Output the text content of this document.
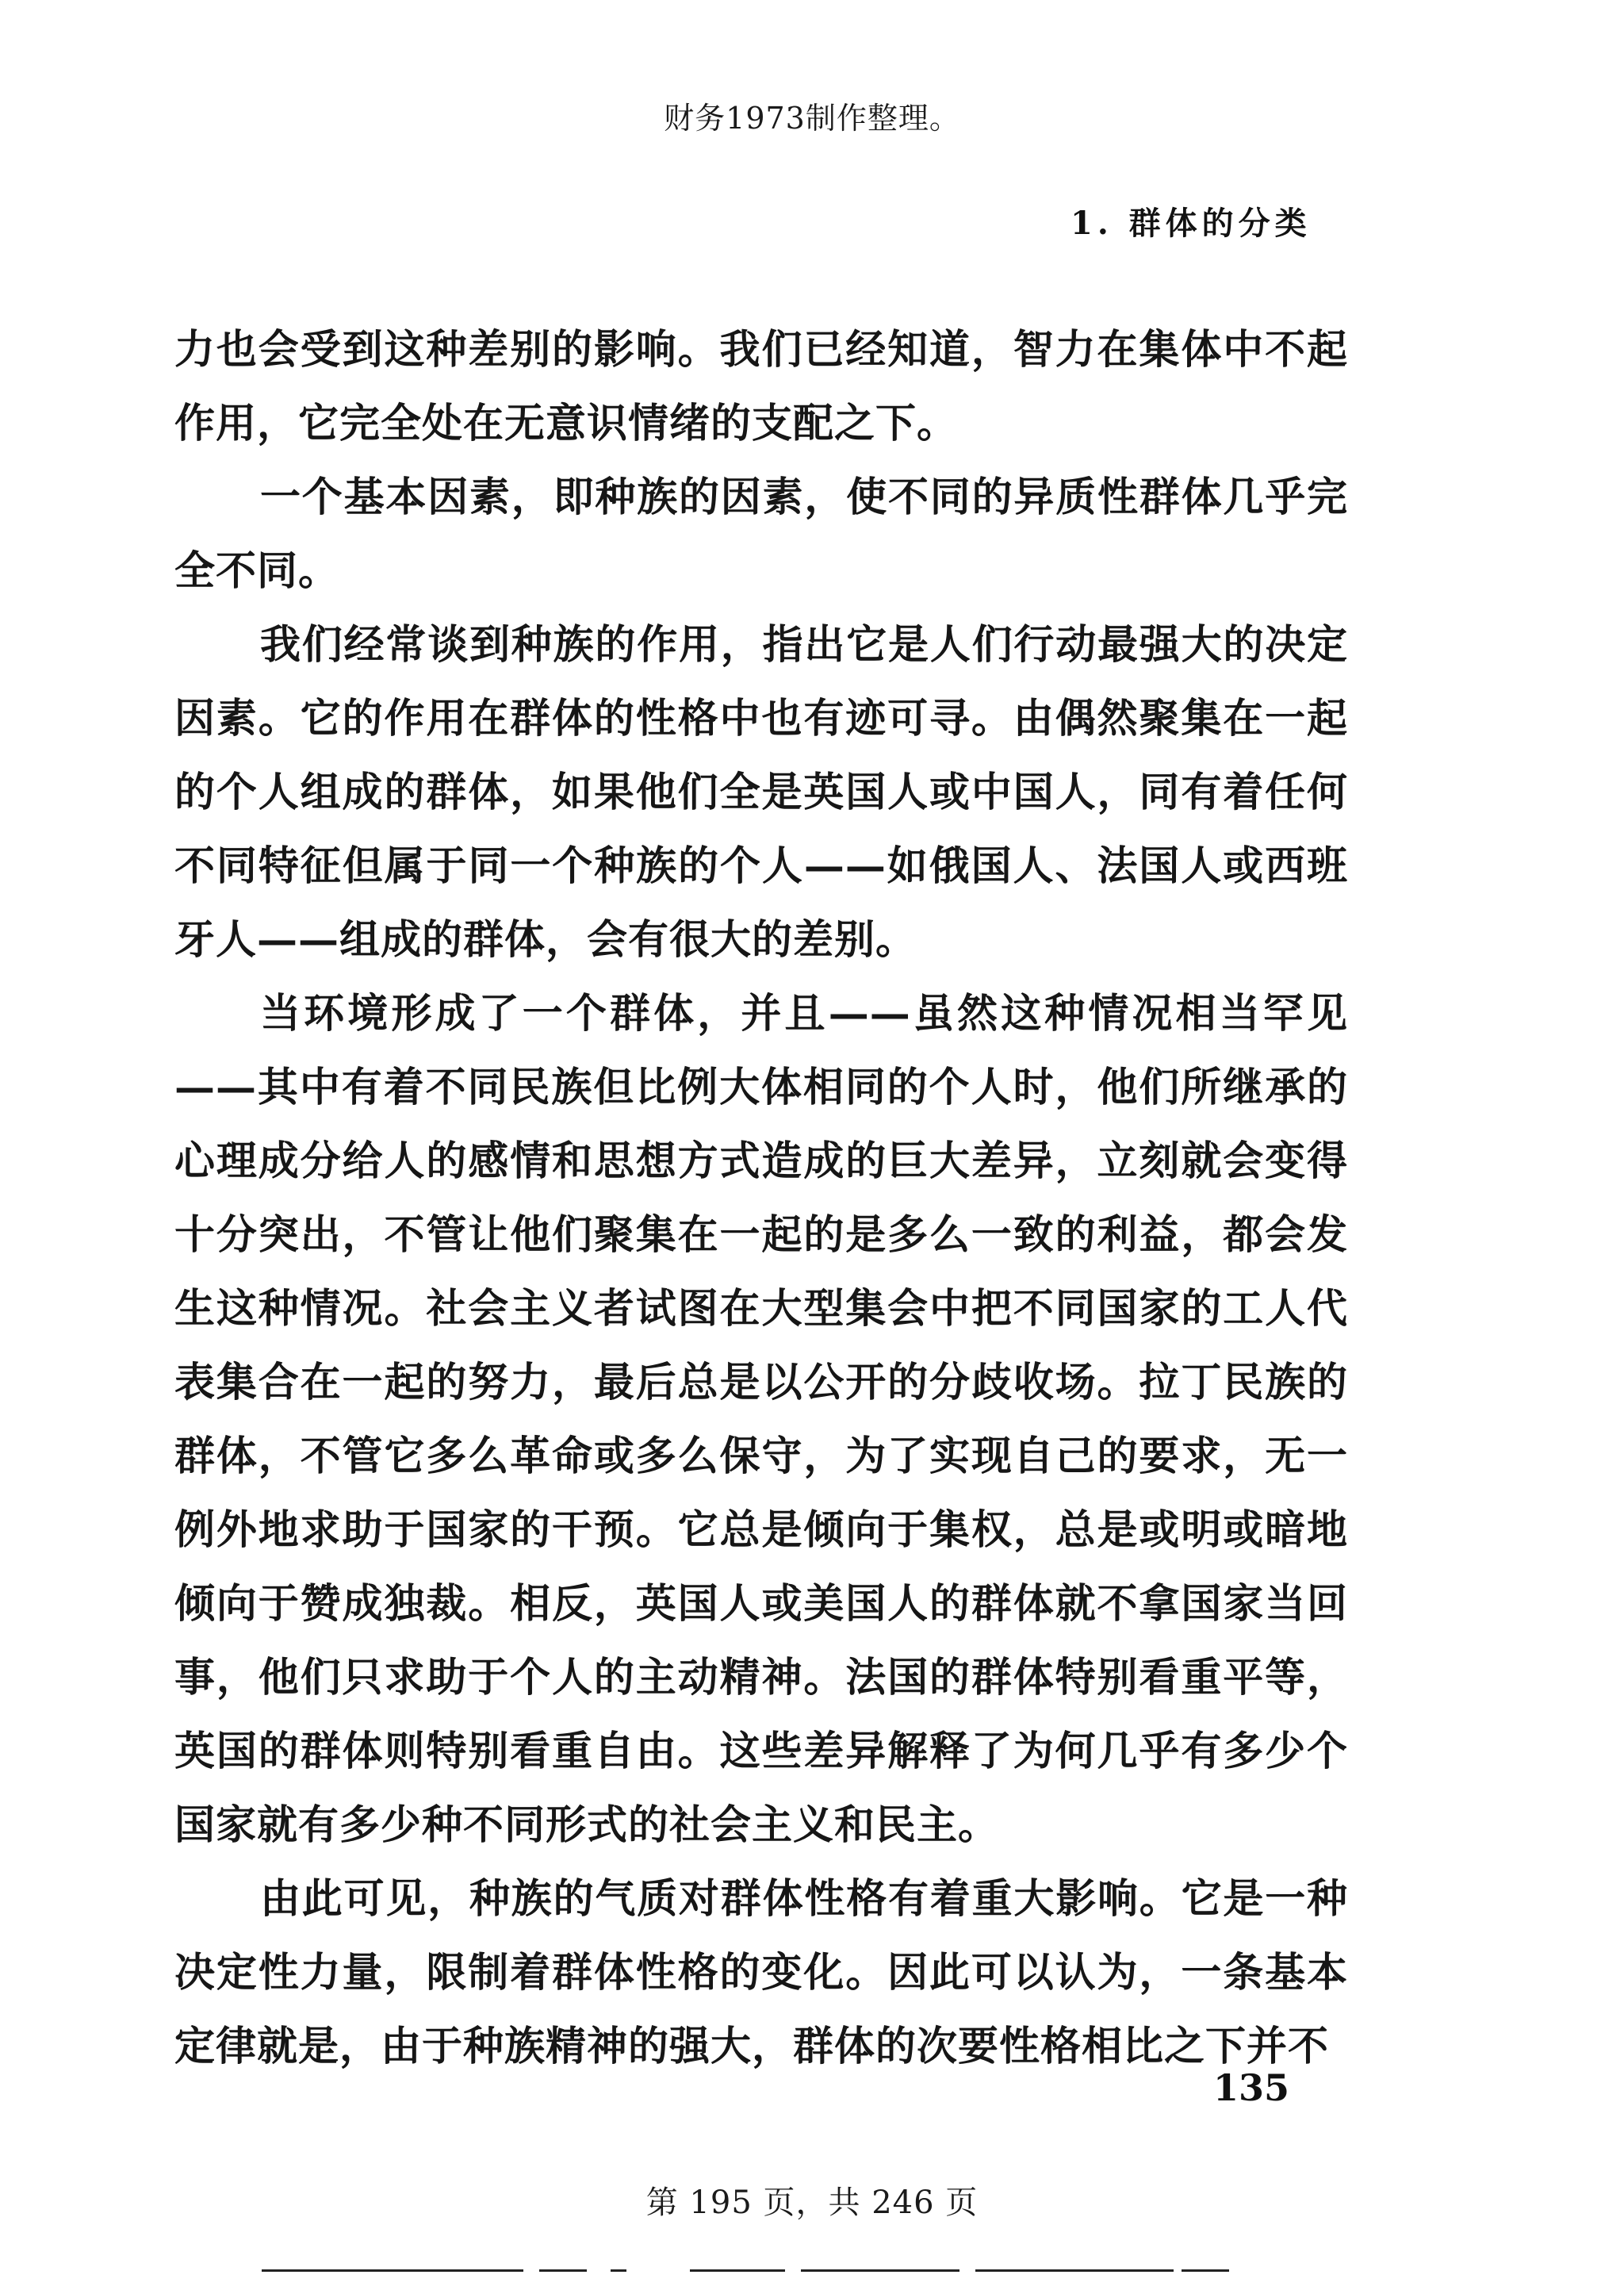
财务1973制作整理。
1. 群体的分类

力也会受到这种差别的影响。我们已经知道，智力在集体中不起作用，它完全处在无意识情绪的支配之下。

一个基本因素，即种族的因素，使不同的异质性群体几乎完全不同。

我们经常谈到种族的作用，指出它是人们行动最强大的决定因素。它的作用在群体的性格中也有迹可寻。由偶然聚集在一起的个人组成的群体，如果他们全是英国人或中国人，同有着任何不同特征但属于同一个种族的个人——如俄国人、法国人或西班牙人——组成的群体，会有很大的差别。

当环境形成了一个群体，并且——虽然这种情况相当罕见——其中有着不同民族但比例大体相同的个人时，他们所继承的心理成分给人的感情和思想方式造成的巨大差异，立刻就会变得十分突出，不管让他们聚集在一起的是多么一致的利益，都会发生这种情况。社会主义者试图在大型集会中把不同国家的工人代表集合在一起的努力，最后总是以公开的分歧收场。拉丁民族的群体，不管它多么革命或多么保守，为了实现自己的要求，无一例外地求助于国家的干预。它总是倾向于集权，总是或明或暗地倾向于赞成独裁。相反，英国人或美国人的群体就不拿国家当回事，他们只求助于个人的主动精神。法国的群体特别看重平等，英国的群体则特别看重自由。这些差异解释了为何几乎有多少个国家就有多少种不同形式的社会主义和民主。

由此可见，种族的气质对群体性格有着重大影响。它是一种决定性力量，限制着群体性格的变化。因此可以认为，一条基本定律就是，由于种族精神的强大，群体的次要性格相比之下并不

135
第 195 页，共 246 页
